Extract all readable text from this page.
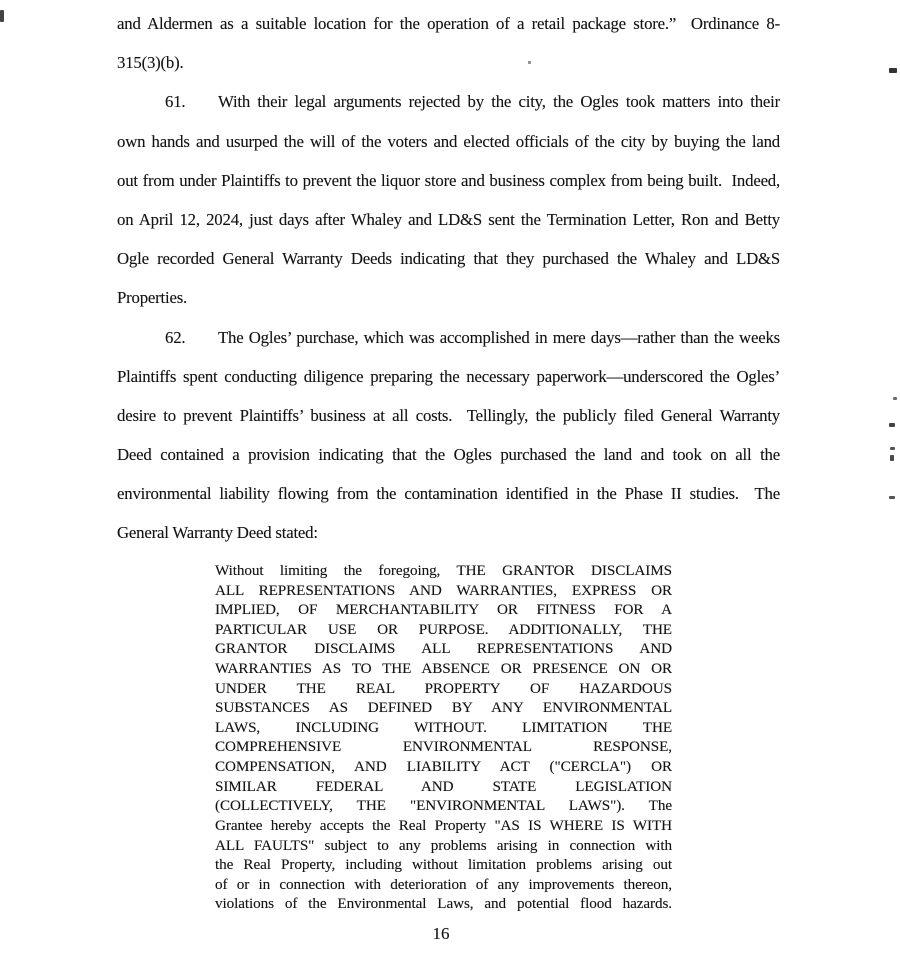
and Aldermen as a suitable location for the operation of a retail package store.”  Ordinance 8-
315(3)(b).
61. With their legal arguments rejected by the city, the Ogles took matters into their
own hands and usurped the will of the voters and elected officials of the city by buying the land
out from under Plaintiffs to prevent the liquor store and business complex from being built.  Indeed,
on April 12, 2024, just days after Whaley and LD&S sent the Termination Letter, Ron and Betty
Ogle recorded General Warranty Deeds indicating that they purchased the Whaley and LD&S
Properties.
62. The Ogles’ purchase, which was accomplished in mere days—rather than the weeks
Plaintiffs spent conducting diligence preparing the necessary paperwork—underscored the Ogles’
desire to prevent Plaintiffs’ business at all costs.  Tellingly, the publicly filed General Warranty
Deed contained a provision indicating that the Ogles purchased the land and took on all the
environmental liability flowing from the contamination identified in the Phase II studies.  The
General Warranty Deed stated:
Without limiting the foregoing, THE GRANTOR DISCLAIMS
ALL REPRESENTATIONS AND WARRANTIES, EXPRESS OR
IMPLIED, OF MERCHANTABILITY OR FITNESS FOR A
PARTICULAR USE OR PURPOSE. ADDITIONALLY, THE
GRANTOR DISCLAIMS ALL REPRESENTATIONS AND
WARRANTIES AS TO THE ABSENCE OR PRESENCE ON OR
UNDER THE REAL PROPERTY OF HAZARDOUS
SUBSTANCES AS DEFINED BY ANY ENVIRONMENTAL
LAWS, INCLUDING WITHOUT. LIMITATION THE
COMPREHENSIVE ENVIRONMENTAL RESPONSE,
COMPENSATION, AND LIABILITY ACT ("CERCLA") OR
SIMILAR FEDERAL AND STATE LEGISLATION
(COLLECTIVELY, THE "ENVIRONMENTAL LAWS"). The
Grantee hereby accepts the Real Property "AS IS WHERE IS WITH
ALL FAULTS" subject to any problems arising in connection with
the Real Property, including without limitation problems arising out
of or in connection with deterioration of any improvements thereon,
violations of the Environmental Laws, and potential flood hazards.
16
